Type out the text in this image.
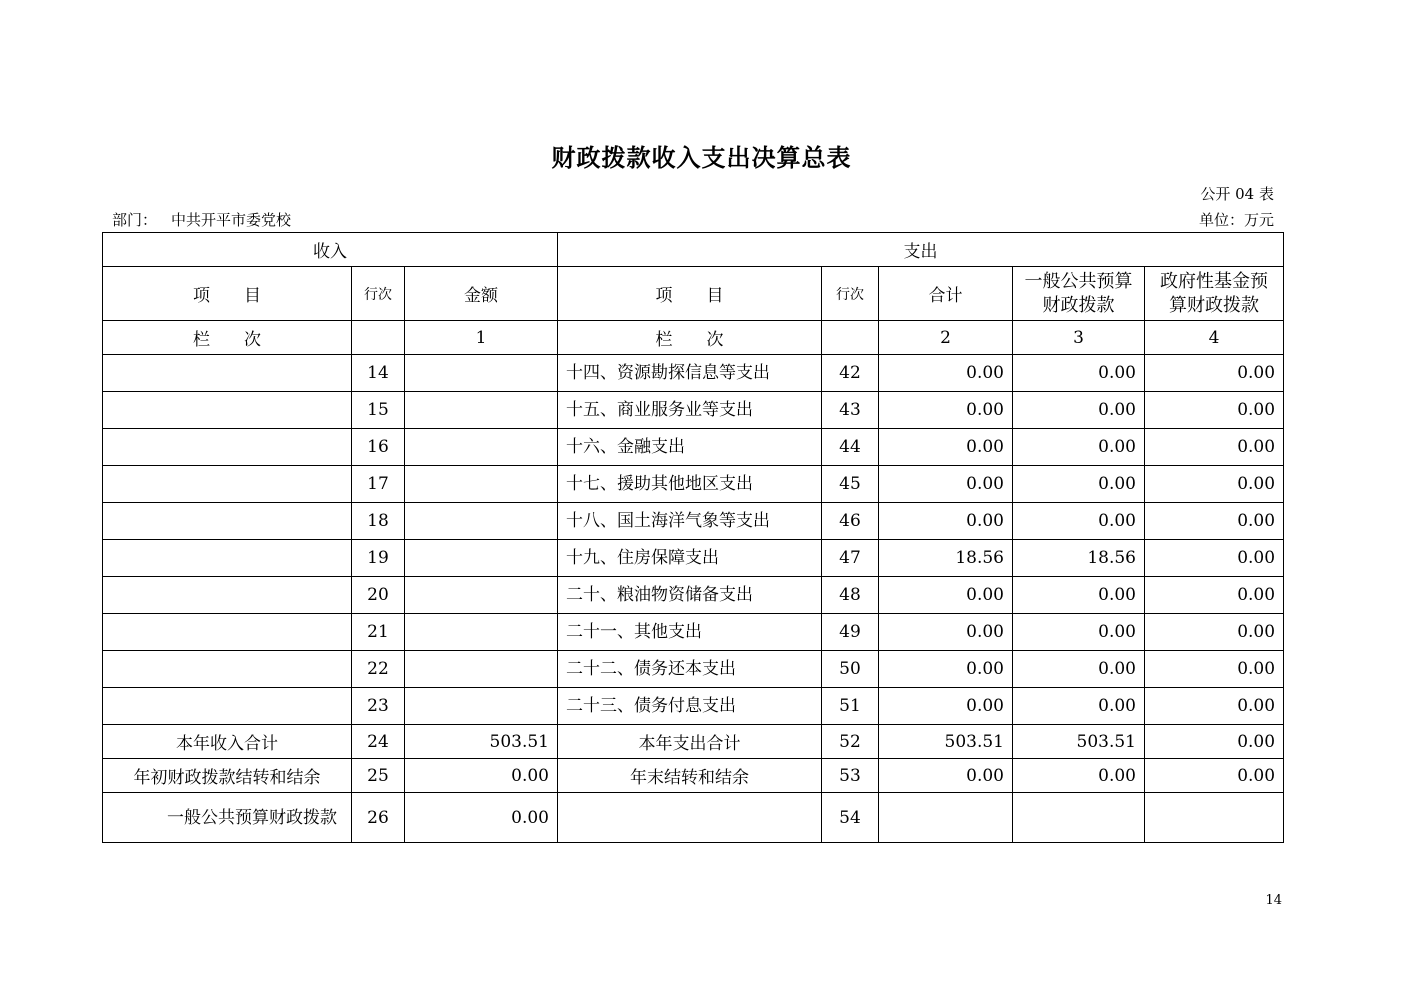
财政拨款收入支出决算总表
公开 04 表
部门： 中共开平市委党校	单位：万元
收入			支出				
项　　目	行次	金额	项　　目	行次	合计	一般公共预算财政拨款	政府性基金预算财政拨款
栏　　次		1	栏　　次		2	3	4
	14		十四、资源勘探信息等支出	42	0.00	0.00	0.00
	15		十五、商业服务业等支出	43	0.00	0.00	0.00
	16		十六、金融支出	44	0.00	0.00	0.00
	17		十七、援助其他地区支出	45	0.00	0.00	0.00
	18		十八、国土海洋气象等支出	46	0.00	0.00	0.00
	19		十九、住房保障支出	47	18.56	18.56	0.00
	20		二十、粮油物资储备支出	48	0.00	0.00	0.00
	21		二十一、其他支出	49	0.00	0.00	0.00
	22		二十二、债务还本支出	50	0.00	0.00	0.00
	23		二十三、债务付息支出	51	0.00	0.00	0.00
本年收入合计	24	503.51	本年支出合计	52	503.51	503.51	0.00
年初财政拨款结转和结余	25	0.00	年末结转和结余	53	0.00	0.00	0.00
一般公共预算财政拨款	26	0.00		54			
14
